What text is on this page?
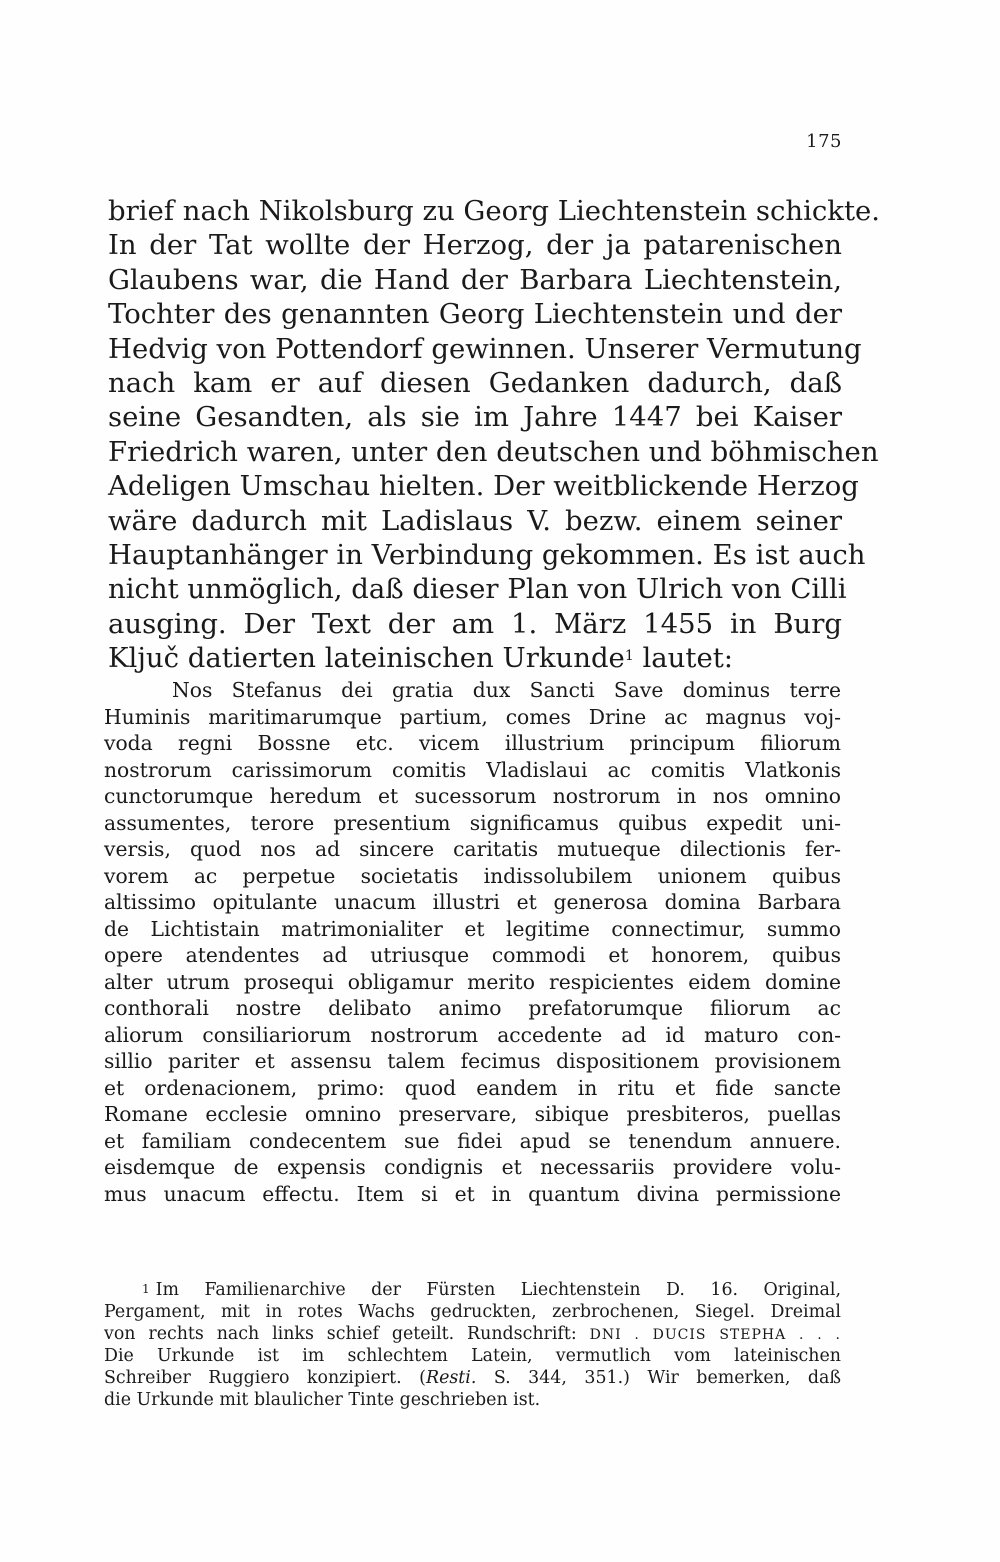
175
brief nach Nikolsburg zu Georg Liechtenstein schickte.
In der Tat wollte der Herzog, der ja patarenischen
Glaubens war, die Hand der Barbara Liechtenstein,
Tochter des genannten Georg Liechtenstein und der
Hedvig von Pottendorf gewinnen. Unserer Vermutung
nach kam er auf diesen Gedanken dadurch, daß
seine Gesandten, als sie im Jahre 1447 bei Kaiser
Friedrich waren, unter den deutschen und böhmischen
Adeligen Umschau hielten. Der weitblickende Herzog
wäre dadurch mit Ladislaus V. bezw. einem seiner
Hauptanhänger in Verbindung gekommen. Es ist auch
nicht unmöglich, daß dieser Plan von Ulrich von Cilli
ausging. Der Text der am 1. März 1455 in Burg
Ključ datierten lateinischen Urkunde$^1$ lautet:
Nos Stefanus dei gratia dux Sancti Save dominus terre
Huminis maritimarumque partium, comes Drine ac magnus voj-
voda regni Bossne etc. vicem illustrium principum filiorum
nostrorum carissimorum comitis Vladislaui ac comitis Vlatkonis
cunctorumque heredum et sucessorum nostrorum in nos omnino
assumentes, terore presentium significamus quibus expedit uni-
versis, quod nos ad sincere caritatis mutueque dilectionis fer-
vorem ac perpetue societatis indissolubilem unionem quibus
altissimo opitulante unacum illustri et generosa domina Barbara
de Lichtistain matrimonialiter et legitime connectimur, summo
opere atendentes ad utriusque commodi et honorem, quibus
alter utrum prosequi obligamur merito respicientes eidem domine
conthorali nostre delibato animo prefatorumque filiorum ac
aliorum consiliariorum nostrorum accedente ad id maturo con-
sillio pariter et assensu talem fecimus dispositionem provisionem
et ordenacionem, primo: quod eandem in ritu et fide sancte
Romane ecclesie omnino preservare, sibique presbiteros, puellas
et familiam condecentem sue fidei apud se tenendum annuere.
eisdemque de expensis condignis et necessariis providere volu-
mus unacum effectu. Item si et in quantum divina permissione
$^1$ Im Familienarchive der Fürsten Liechtenstein D. 16. Original,
Pergament, mit in rotes Wachs gedruckten, zerbrochenen, Siegel. Dreimal
von rechts nach links schief geteilt. Rundschrift: DNI . DUCIS STEPHA . . .
Die Urkunde ist im schlechtem Latein, vermutlich vom lateinischen
Schreiber Ruggiero konzipiert. (Resti. S. 344, 351.) Wir bemerken, daß
die Urkunde mit blaulicher Tinte geschrieben ist.
